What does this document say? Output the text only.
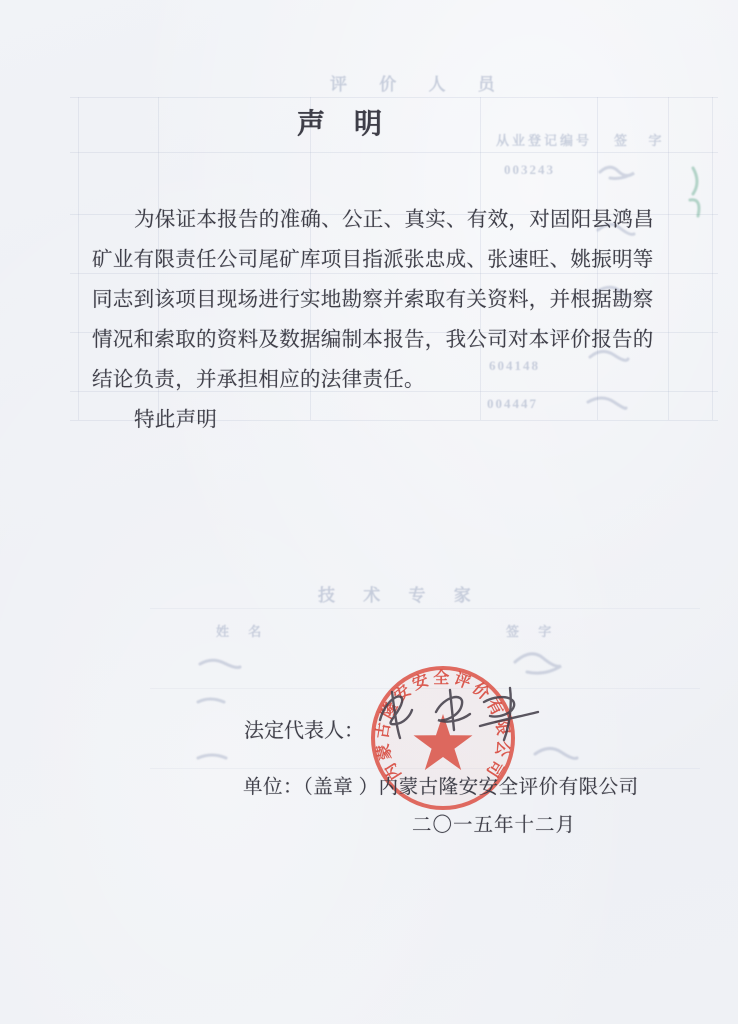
评 价 人 员
从业登记编号 签  字
003243
604148
004447
技 术 专 家
姓 名	签 字
声 明
为保证本报告的准确、公正、真实、有效，对固阳县鸿昌
矿业有限责任公司尾矿库项目指派张忠成、张速旺、姚振明等
同志到该项目现场进行实地勘察并索取有关资料，并根据勘察
情况和索取的资料及数据编制本报告，我公司对本评价报告的
结论负责，并承担相应的法律责任。
特此声明
法定代表人：
内蒙古隆安安全评价有限公司
单位：（盖章 ）内蒙古隆安安全评价有限公司
二〇一五年十二月
